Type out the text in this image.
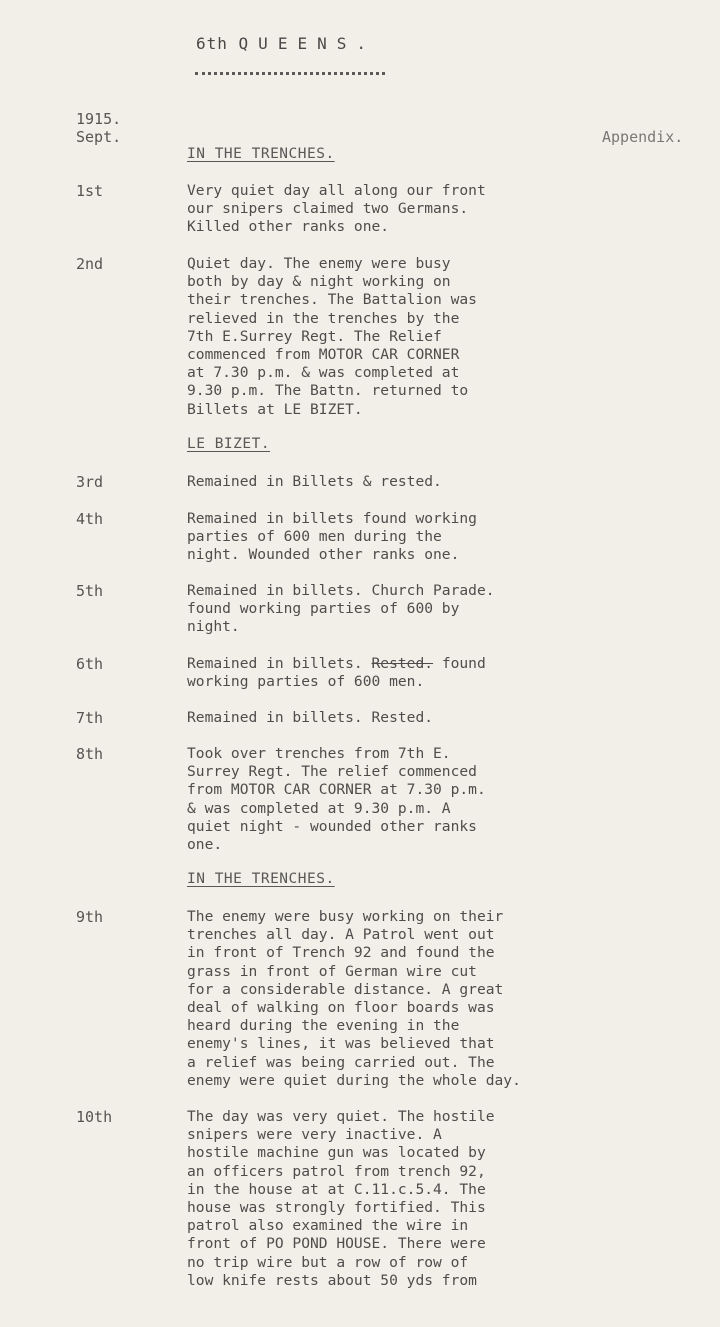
6th QUEENS.
1915.
Sept.	Appendix.
IN THE TRENCHES.
1st	Very quiet day all along our front
our snipers claimed two Germans.
Killed other ranks one.
2nd	Quiet day. The enemy were busy
both by day & night working on
their trenches. The Battalion was
relieved in the trenches by the
7th E.Surrey Regt. The Relief
commenced from MOTOR CAR CORNER
at 7.30 p.m. & was completed at
9.30 p.m. The Battn. returned to
Billets at LE BIZET.
LE BIZET.
3rd	Remained in Billets & rested.
4th	Remained in billets found working
parties of 600 men during the
night. Wounded other ranks one.
5th	Remained in billets. Church Parade.
found working parties of 600 by
night.
6th	Remained in billets. Rested. found
working parties of 600 men.
7th	Remained in billets. Rested.
8th	Took over trenches from 7th E.
Surrey Regt. The relief commenced
from MOTOR CAR CORNER at 7.30 p.m.
& was completed at 9.30 p.m. A
quiet night - wounded other ranks
one.
IN THE TRENCHES.
9th	The enemy were busy working on their
trenches all day. A Patrol went out
in front of Trench 92 and found the
grass in front of German wire cut
for a considerable distance. A great
deal of walking on floor boards was
heard during the evening in the
enemy's lines, it was believed that
a relief was being carried out. The
enemy were quiet during the whole day.
10th	The day was very quiet. The hostile
snipers were very inactive. A
hostile machine gun was located by
an officers patrol from trench 92,
in the house at at C.11.c.5.4. The
house was strongly fortified. This
patrol also examined the wire in
front of PO POND HOUSE. There were
no trip wire but a row of row of
low knife rests about 50 yds from
